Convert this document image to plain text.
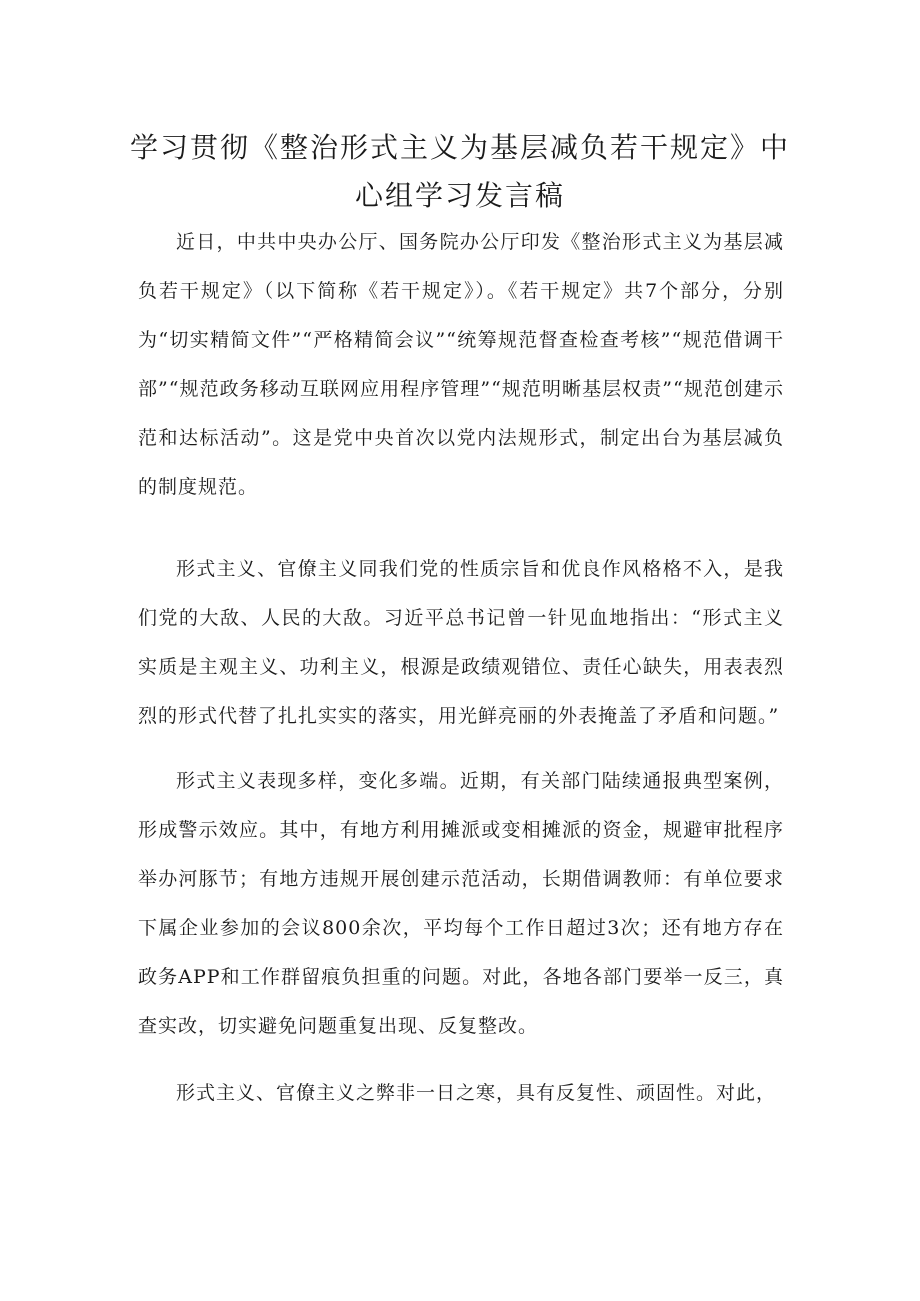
学习贯彻《整治形式主义为基层减负若干规定》中心组学习发言稿

近日，中共中央办公厅、国务院办公厅印发《整治形式主义为基层减负若干规定》（以下简称《若干规定》）。《若干规定》共7个部分，分别为“切实精简文件”“严格精简会议”“统筹规范督查检查考核”“规范借调干部”“规范政务移动互联网应用程序管理”“规范明晰基层权责”“规范创建示范和达标活动”。这是党中央首次以党内法规形式，制定出台为基层减负的制度规范。

形式主义、官僚主义同我们党的性质宗旨和优良作风格格不入，是我们党的大敌、人民的大敌。习近平总书记曾一针见血地指出：“形式主义实质是主观主义、功利主义，根源是政绩观错位、责任心缺失，用表表烈烈的形式代替了扎扎实实的落实，用光鲜亮丽的外表掩盖了矛盾和问题。”

形式主义表现多样，变化多端。近期，有关部门陆续通报典型案例，形成警示效应。其中，有地方利用摊派或变相摊派的资金，规避审批程序举办河豚节；有地方违规开展创建示范活动，长期借调教师：有单位要求下属企业参加的会议800余次，平均每个工作日超过3次；还有地方存在政务APP和工作群留痕负担重的问题。对此，各地各部门要举一反三，真查实改，切实避免问题重复出现、反复整改。

形式主义、官僚主义之弊非一日之寒，具有反复性、顽固性。对此，
